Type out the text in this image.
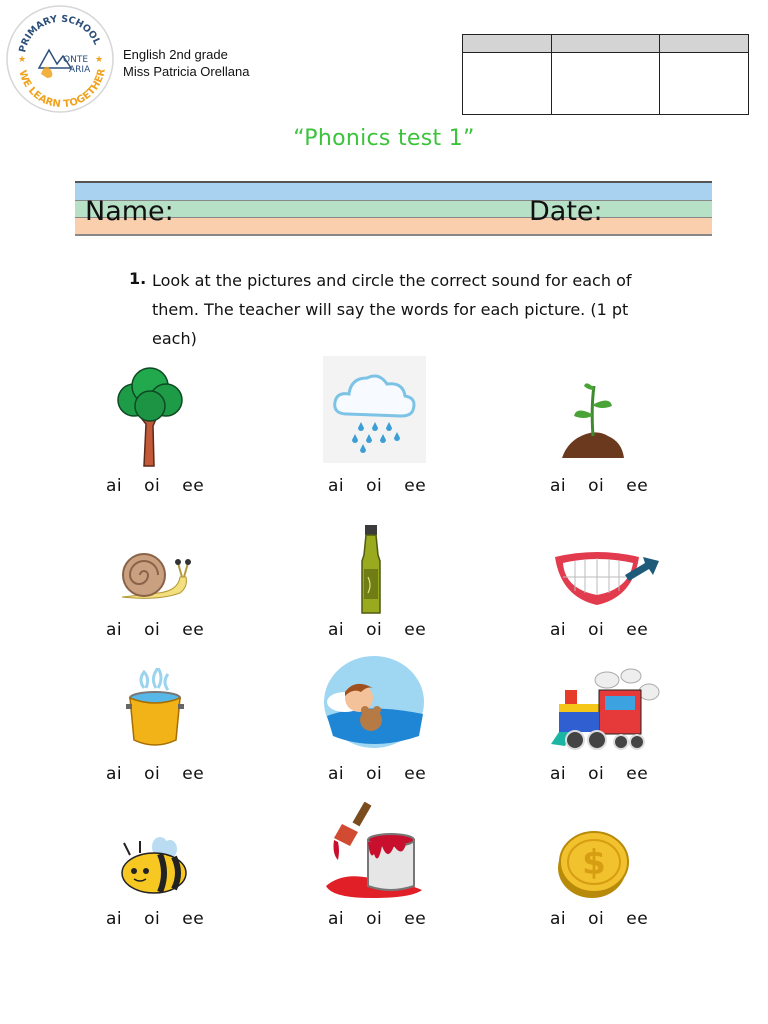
PRIMARY SCHOOL
WE LEARN TOGETHER
ONTE
ARIA
★	★ English 2nd grade
Miss Patricia Orellana

“Phonics test 1”
Name:	Date:
1. Look at the pictures and circle the correct sound for each of them. The teacher will say the words for each picture. (1 pt each)
$
ai oi ee	ai oi ee	ai oi ee
ai oi ee	ai oi ee	ai oi ee
ai oi ee	ai oi ee	ai oi ee
ai oi ee	ai oi ee	ai oi ee
